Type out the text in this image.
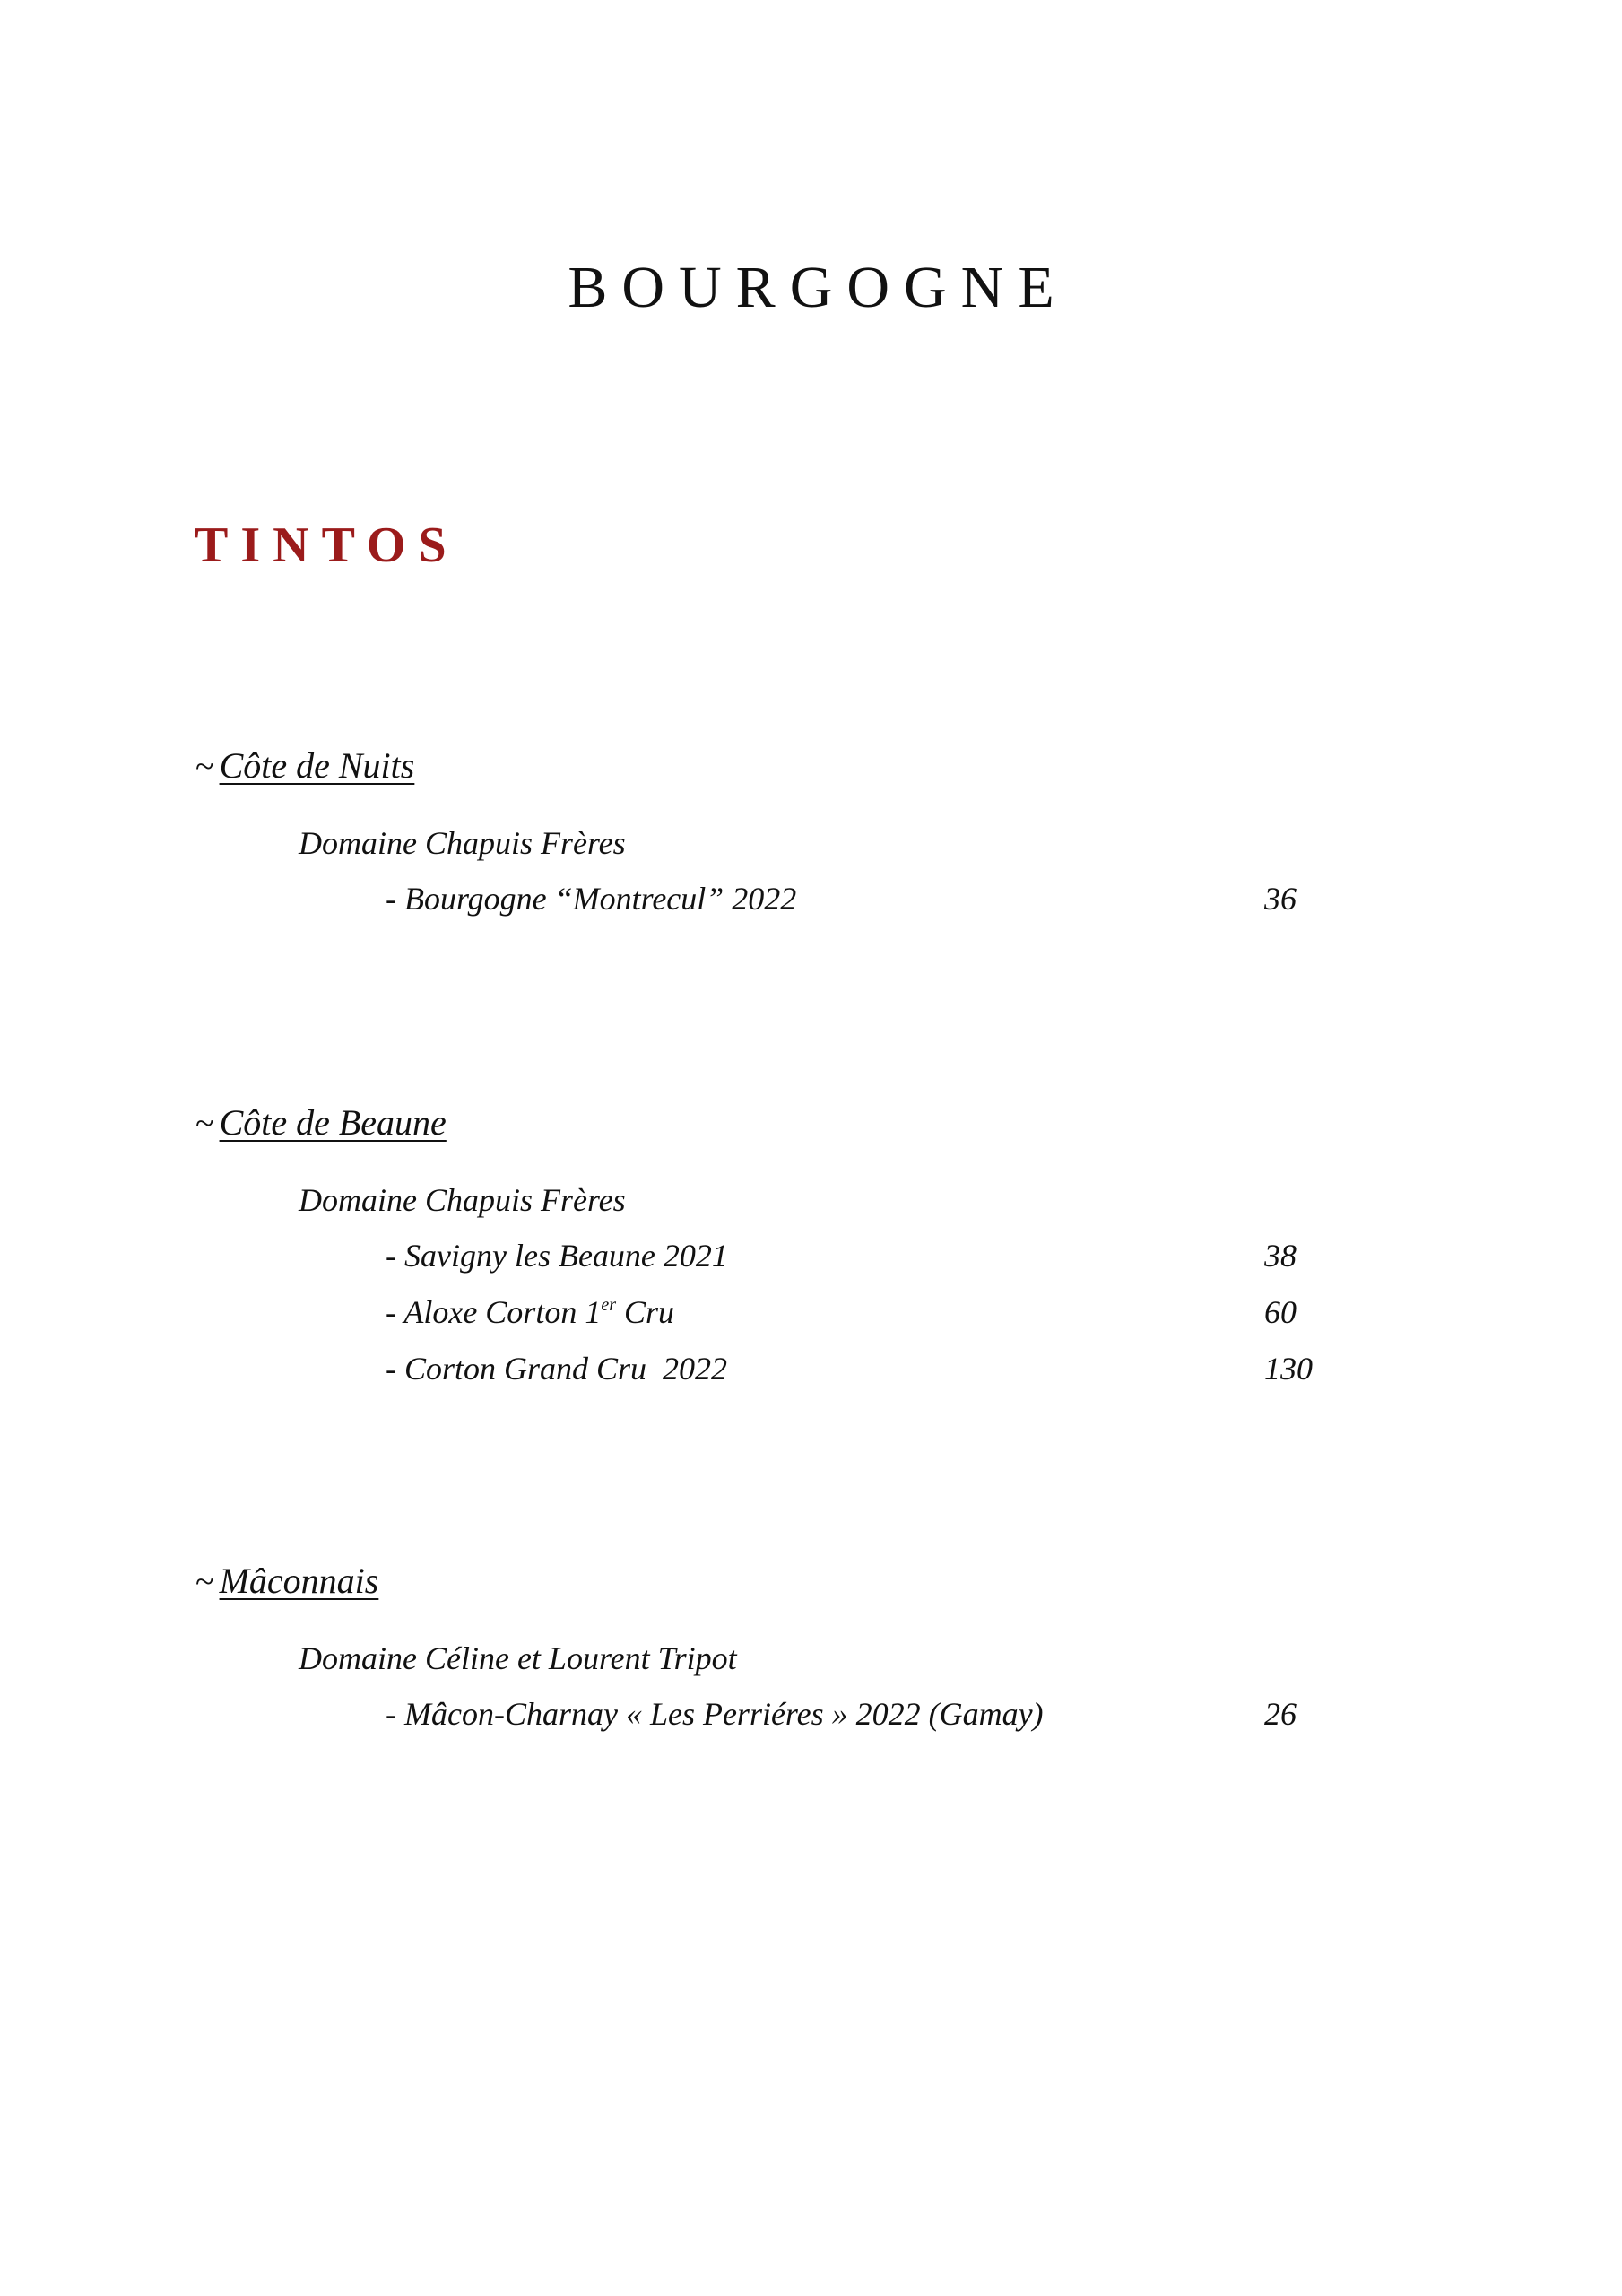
BOURGOGNE
TINTOS
~ Côte de Nuits
Domaine Chapuis Frères
- Bourgogne “Montrecul” 2022	36
~ Côte de Beaune
Domaine Chapuis Frères
- Savigny les Beaune 2021	38
- Aloxe Corton 1er Cru	60
- Corton Grand Cru  2022	130
~ Mâconnais
Domaine Céline et Lourent Tripot
- Mâcon-Charnay « Les Perriéres » 2022 (Gamay)	26
